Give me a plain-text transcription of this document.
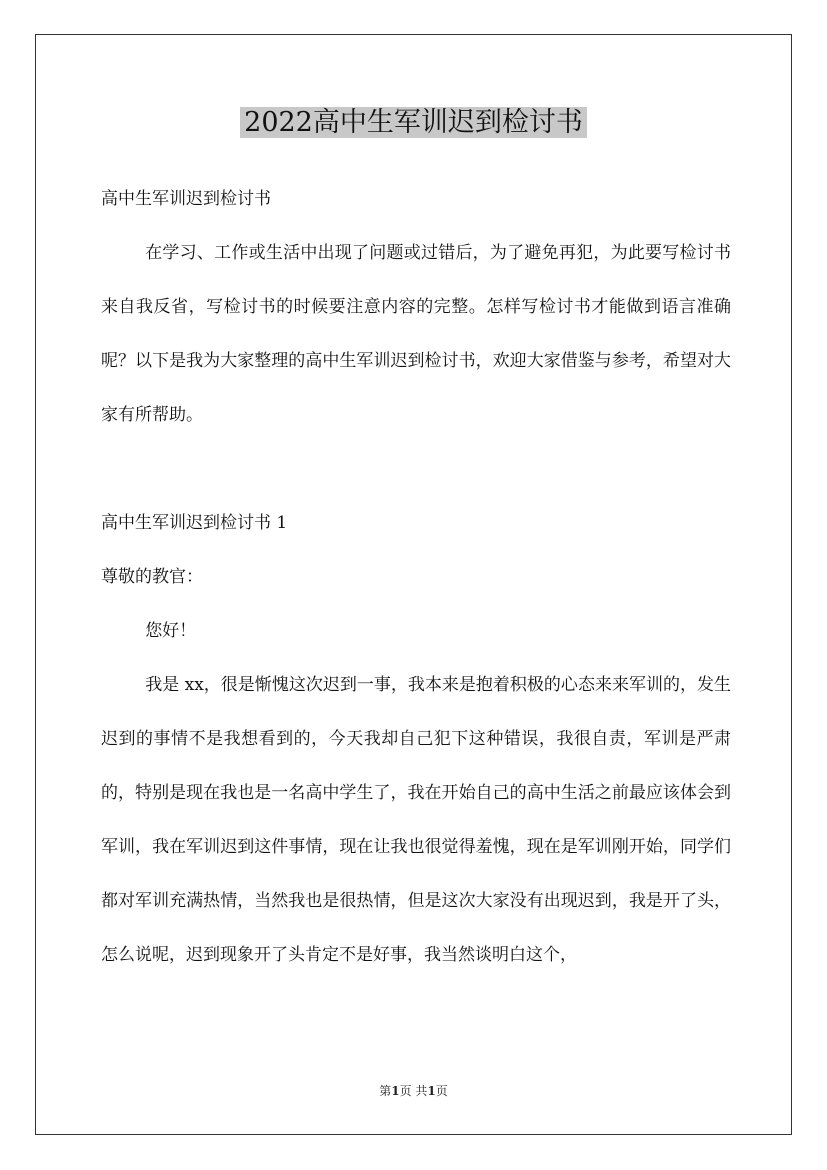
2022高中生军训迟到检讨书

高中生军训迟到检讨书

在学习、工作或生活中出现了问题或过错后，为了避免再犯，为此要写检讨书来自我反省，写检讨书的时候要注意内容的完整。怎样写检讨书才能做到语言准确呢？以下是我为大家整理的高中生军训迟到检讨书，欢迎大家借鉴与参考，希望对大家有所帮助。

高中生军训迟到检讨书 1

尊敬的教官：

您好！

我是 xx，很是惭愧这次迟到一事，我本来是抱着积极的心态来来军训的，发生迟到的事情不是我想看到的，今天我却自己犯下这种错误，我很自责，军训是严肃的，特别是现在我也是一名高中学生了，我在开始自己的高中生活之前最应该体会到军训，我在军训迟到这件事情，现在让我也很觉得羞愧，现在是军训刚开始，同学们都对军训充满热情，当然我也是很热情，但是这次大家没有出现迟到，我是开了头，怎么说呢，迟到现象开了头肯定不是好事，我当然谈明白这个，

第1页 共1页
